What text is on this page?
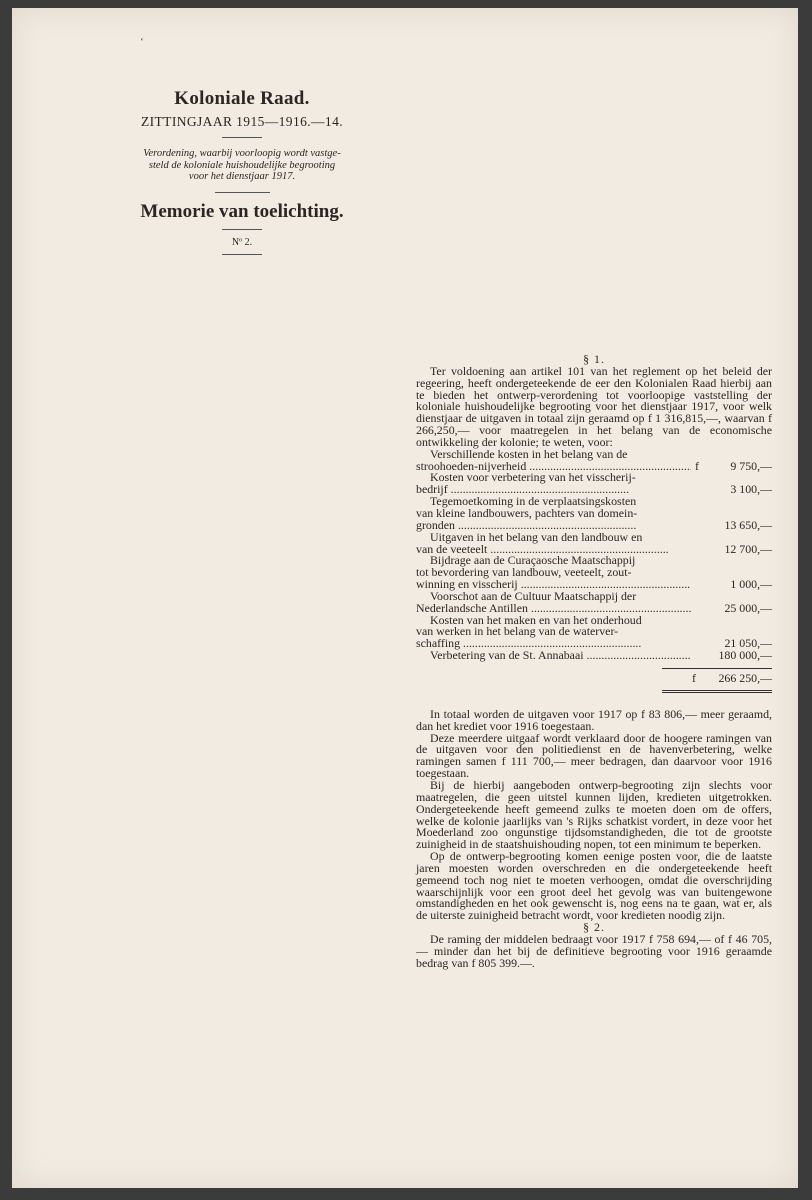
‘
Koloniale Raad.
ZITTINGJAAR 1915—1916.—14.
Verordening, waarbij voorloopig wordt vastge-
steld de koloniale huishoudelijke begrooting
voor het dienstjaar 1917.
Memorie van toelichting.
Nº 2.

§ 1.

Ter voldoening aan artikel 101 van het reglement op het beleid der regeering, heeft ondergeteekende de eer den Kolonialen Raad hierbij aan te bieden het ontwerp-verordening tot voorloopige vaststelling der koloniale huishoudelijke begrooting voor het dienstjaar 1917, voor welk dienstjaar de uitgaven in totaal zijn geraamd op f 1 316,815,—, waarvan f 266,250,— voor maatregelen in het belang van de economische ontwikkeling der kolonie; te weten, voor:

Verschillende kosten in het belang van de
stroohoeden-nijverheid .....	f	9 750,—
Kosten voor verbetering van het visscherij-
bedrijf .....	3 100,—
Tegemoetkoming in de verplaatsingskosten
van kleine landbouwers, pachters van domein-
gronden .....	13 650,—
Uitgaven in het belang van den landbouw en
van de veeteelt .....	12 700,—
Bijdrage aan de Curaçaosche Maatschappij
tot bevordering van landbouw, veeteelt, zout-
winning en visscherij .....	1 000,—
Voorschot aan de Cultuur Maatschappij der
Nederlandsche Antillen .....	25 000,—
Kosten van het maken en van het onderhoud
van werken in het belang van de waterver-
schaffing .....	21 050,—
Verbetering van de St. Annabaai .....	180 000,—
f 266 250,—

In totaal worden de uitgaven voor 1917 op f 83 806,— meer geraamd, dan het krediet voor 1916 toegestaan.

Deze meerdere uitgaaf wordt verklaard door de hoogere ramingen van de uitgaven voor den politiedienst en de havenverbetering, welke ramingen samen f 111 700,— meer bedragen, dan daarvoor voor 1916 toegestaan.

Bij de hierbij aangeboden ontwerp-begrooting zijn slechts voor maatregelen, die geen uitstel kunnen lijden, kredieten uitgetrokken. Ondergeteekende heeft gemeend zulks te moeten doen om de offers, welke de kolonie jaarlijks van 's Rijks schatkist vordert, in deze voor het Moederland zoo ongunstige tijdsomstandigheden, die tot de grootste zuinigheid in de staatshuishouding nopen, tot een minimum te beperken.

Op de ontwerp-begrooting komen eenige posten voor, die de laatste jaren moesten worden overschreden en die ondergeteekende heeft gemeend toch nog niet te moeten verhoogen, omdat die overschrijding waarschijnlijk voor een groot deel het gevolg was van buitengewone omstandigheden en het ook gewenscht is, nog eens na te gaan, wat er, als de uiterste zuinigheid betracht wordt, voor kredieten noodig zijn.

§ 2.

De raming der middelen bedraagt voor 1917 f 758 694,— of f 46 705,— minder dan het bij de definitieve begrooting voor 1916 geraamde bedrag van f 805 399.—.
